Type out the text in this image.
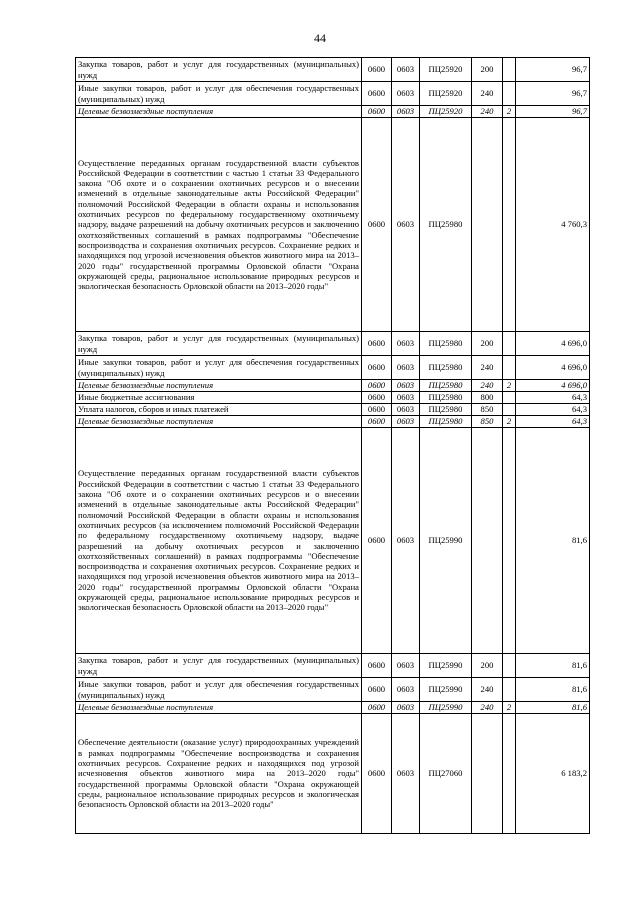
44
Закупка товаров, работ и услуг для государственных (муниципальных) нужд	0600	0603	ПЦ25920	200		96,7
Иные закупки товаров, работ и услуг для обеспечения государственных (муниципальных) нужд	0600	0603	ПЦ25920	240		96,7
Целевые безвозмездные поступления	0600	0603	ПЦ25920	240	2	96,7
Осуществление переданных органам государственной власти субъектов Российской Федерации в соответствии с частью 1 статьи 33 Федерального закона "Об охоте и о сохранении охотничьих ресурсов и о внесении изменений в отдельные законодательные акты Российской Федерации" полномочий Российской Федерации в области охраны и использования охотничьих ресурсов по федеральному государственному охотничьему надзору, выдаче разрешений на добычу охотничьих ресурсов и заключению охотхозяйственных соглашений в рамках подпрограммы "Обеспечение воспроизводства и сохранения охотничьих ресурсов. Сохранение редких и находящихся под угрозой исчезновения объектов животного мира на 2013–2020 годы" государственной программы Орловской области "Охрана окружающей среды, рациональное использование природных ресурсов и экологическая безопасность Орловской области на 2013–2020 годы"	0600	0603	ПЦ25980			4 760,3
Закупка товаров, работ и услуг для государственных (муниципальных) нужд	0600	0603	ПЦ25980	200		4 696,0
Иные закупки товаров, работ и услуг для обеспечения государственных (муниципальных) нужд	0600	0603	ПЦ25980	240		4 696,0
Целевые безвозмездные поступления	0600	0603	ПЦ25980	240	2	4 696,0
Иные бюджетные ассигнования	0600	0603	ПЦ25980	800		64,3
Уплата налогов, сборов и иных платежей	0600	0603	ПЦ25980	850		64,3
Целевые безвозмездные поступления	0600	0603	ПЦ25980	850	2	64,3
Осуществление переданных органам государственной власти субъектов Российской Федерации в соответствии с частью 1 статьи 33 Федерального закона "Об охоте и о сохранении охотничьих ресурсов и о внесении изменений в отдельные законодательные акты Российской Федерации" полномочий Российской Федерации в области охраны и использования охотничьих ресурсов (за исключением полномочий Российской Федерации по федеральному государственному охотничьему надзору, выдаче разрешений на добычу охотничьих ресурсов и заключению охотхозяйственных соглашений) в рамках подпрограммы "Обеспечение воспроизводства и сохранения охотничьих ресурсов. Сохранение редких и находящихся под угрозой исчезновения объектов животного мира на 2013–2020 годы" государственной программы Орловской области "Охрана окружающей среды, рациональное использование природных ресурсов и экологическая безопасность Орловской области на 2013–2020 годы"	0600	0603	ПЦ25990			81,6
Закупка товаров, работ и услуг для государственных (муниципальных) нужд	0600	0603	ПЦ25990	200		81,6
Иные закупки товаров, работ и услуг для обеспечения государственных (муниципальных) нужд	0600	0603	ПЦ25990	240		81,6
Целевые безвозмездные поступления	0600	0603	ПЦ25990	240	2	81,6
Обеспечение деятельности (оказание услуг) природоохранных учреждений в рамках подпрограммы "Обеспечение воспроизводства и сохранения охотничьих ресурсов. Сохранение редких и находящихся под угрозой исчезновения объектов животного мира на 2013–2020 годы" государственной программы Орловской области "Охрана окружающей среды, рациональное использование природных ресурсов и экологическая безопасность Орловской области на 2013–2020 годы"	0600	0603	ПЦ27060			6 183,2
